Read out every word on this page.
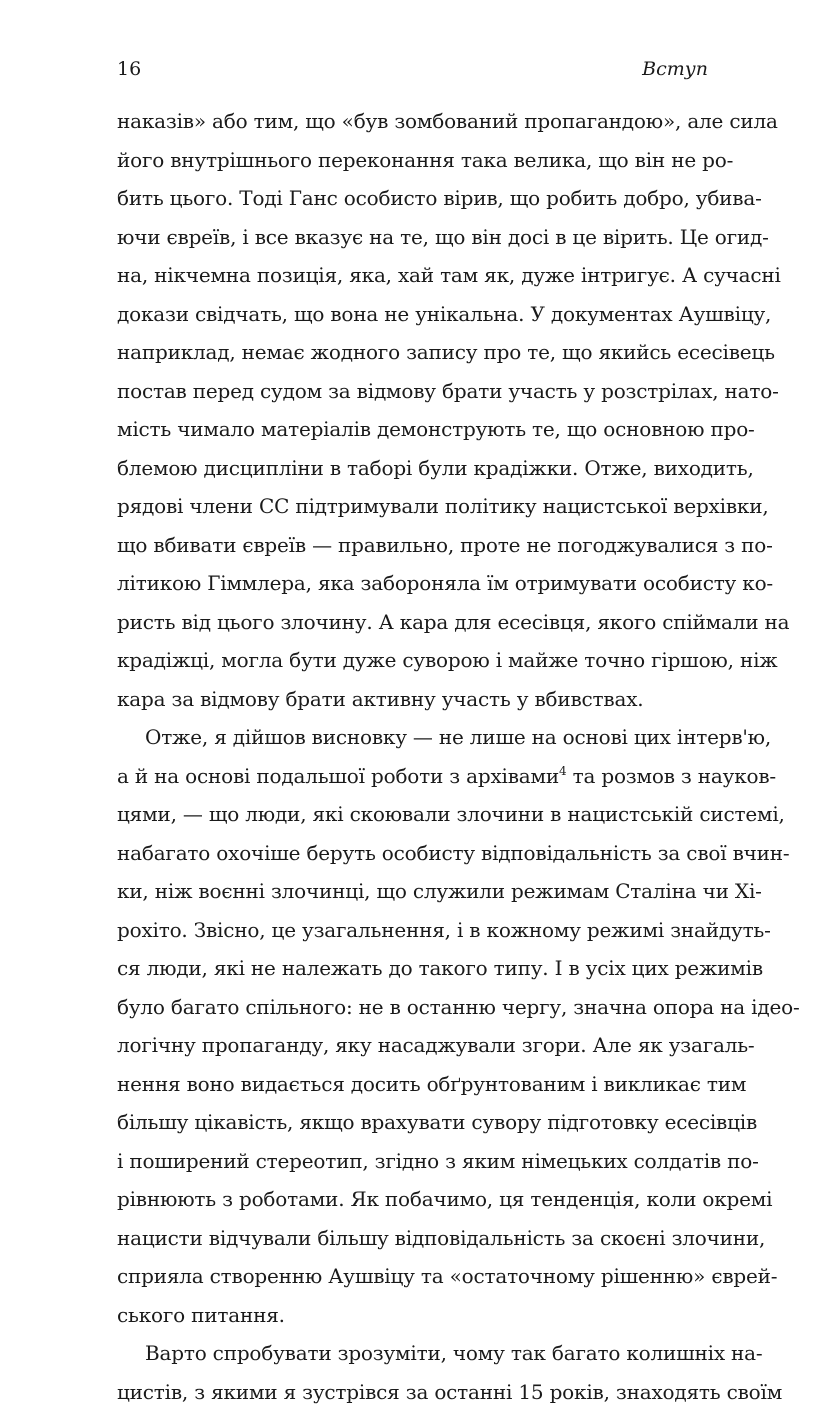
16	Вступ
наказів» або тим, що «був зомбований пропагандою», але сила
його внутрішнього переконання така велика, що він не ро-
бить цього. Тоді Ганс особисто вірив, що робить добро, убива-
ючи євреїв, і все вказує на те, що він досі в це вірить. Це огид-
на, нікчемна позиція, яка, хай там як, дуже інтригує. А сучасні
докази свідчать, що вона не унікальна. У документах Аушвіцу,
наприклад, немає жодного запису про те, що якийсь есесівець
постав перед судом за відмову брати участь у розстрілах, нато-
мість чимало матеріалів демонструють те, що основною про-
блемою дисципліни в таборі були крадіжки. Отже, виходить,
рядові члени СС підтримували політику нацистської верхівки,
що вбивати євреїв — правильно, проте не погоджувалися з по-
літикою Гіммлера, яка забороняла їм отримувати особисту ко-
ристь від цього злочину. А кара для есесівця, якого спіймали на
крадіжці, могла бути дуже суворою і майже точно гіршою, ніж
кара за відмову брати активну участь у вбивствах.
Отже, я дійшов висновку — не лише на основі цих інтерв'ю,
а й на основі подальшої роботи з архівами$^4$ та розмов з науков-
цями, — що люди, які скоювали злочини в нацистській системі,
набагато охочіше беруть особисту відповідальність за свої вчин-
ки, ніж воєнні злочинці, що служили режимам Сталіна чи Хі-
рохіто. Звісно, це узагальнення, і в кожному режимі знайдуть-
ся люди, які не належать до такого типу. І в усіх цих режимів
було багато спільного: не в останню чергу, значна опора на ідео-
логічну пропаганду, яку насаджували згори. Але як узагаль-
нення воно видається досить обґрунтованим і викликає тим
більшу цікавість, якщо врахувати сувору підготовку есесівців
і поширений стереотип, згідно з яким німецьких солдатів по-
рівнюють з роботами. Як побачимо, ця тенденція, коли окремі
нацисти відчували більшу відповідальність за скоєні злочини,
сприяла створенню Аушвіцу та «остаточному рішенню» єврей-
ського питання.
Варто спробувати зрозуміти, чому так багато колишніх на-
цистів, з якими я зустрівся за останні 15 років, знаходять своїм
